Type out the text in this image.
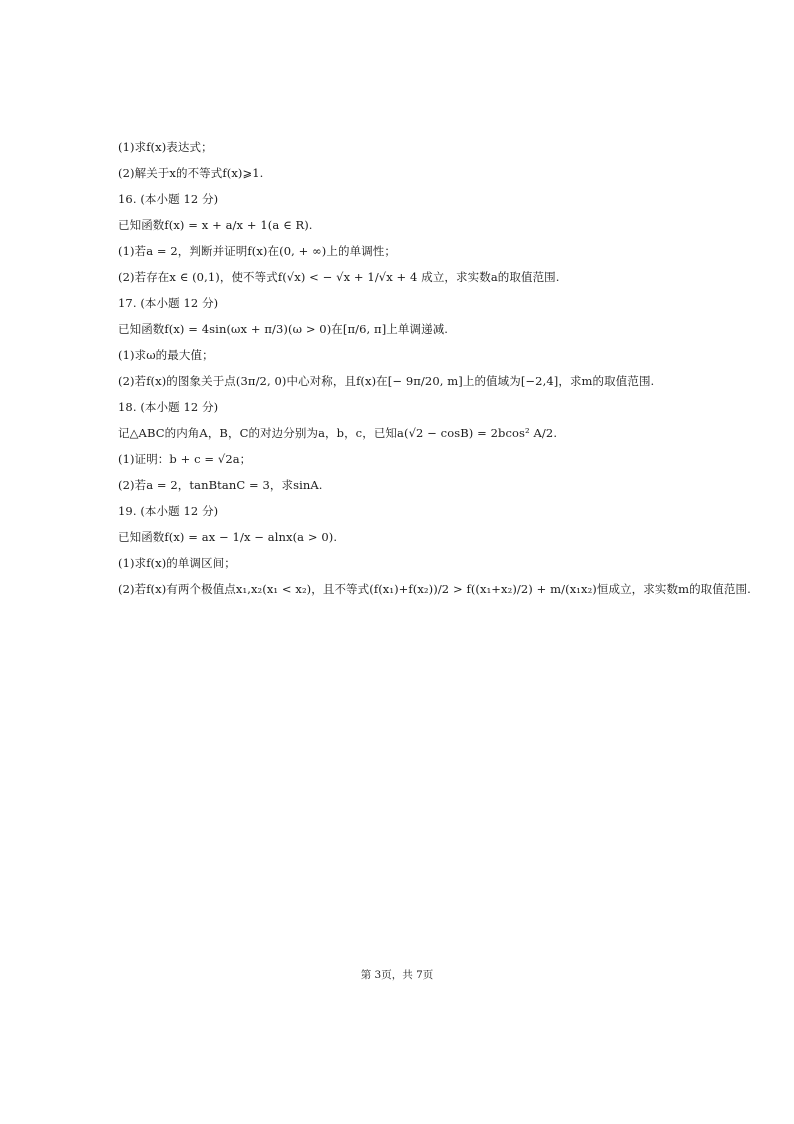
(1)求f(x)表达式；
(2)解关于x的不等式f(x)⩾1.
16. (本小题 12 分)
已知函数f(x) = x + a/x + 1(a ∈ R).
(1)若a = 2，判断并证明f(x)在(0, + ∞)上的单调性；
(2)若存在x ∈ (0,1)，使不等式f(√x) < − √x + 1/√x + 4 成立，求实数a的取值范围.
17. (本小题 12 分)
已知函数f(x) = 4sin(ωx + π/3)(ω > 0)在[π/6, π]上单调递减.
(1)求ω的最大值；
(2)若f(x)的图象关于点(3π/2, 0)中心对称，且f(x)在[− 9π/20, m]上的值域为[−2,4]，求m的取值范围.
18. (本小题 12 分)
记△ABC的内角A，B，C的对边分别为a，b，c，已知a(√2 − cosB) = 2bcos² A/2.
(1)证明：b + c = √2a；
(2)若a = 2，tanBtanC = 3，求sinA.
19. (本小题 12 分)
已知函数f(x) = ax − 1/x − alnx(a > 0).
(1)求f(x)的单调区间；
(2)若f(x)有两个极值点x₁,x₂(x₁ < x₂)，且不等式(f(x₁)+f(x₂))/2 > f((x₁+x₂)/2) + m/(x₁x₂)恒成立，求实数m的取值范围.
第 3页，共 7页
